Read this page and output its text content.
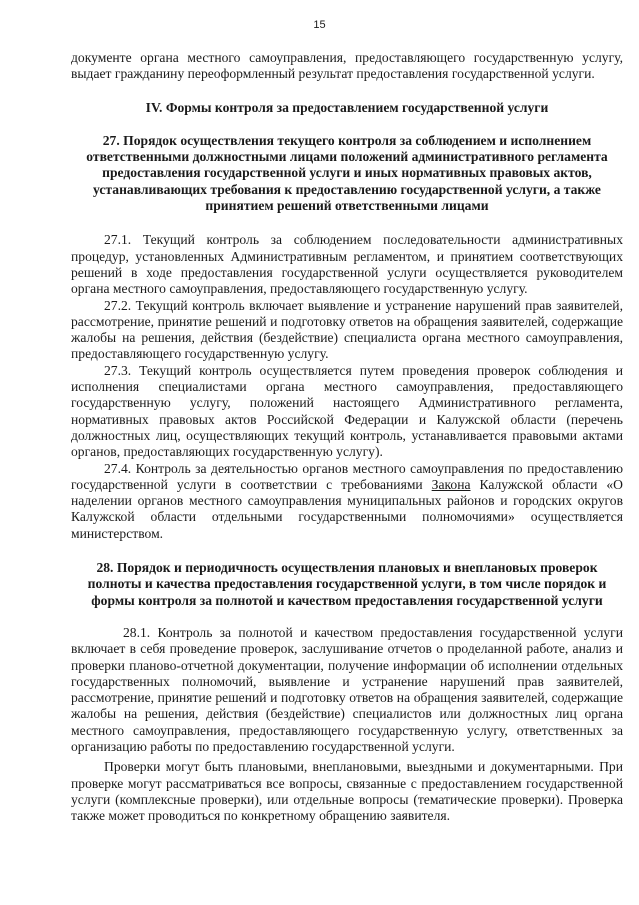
15

документе органа местного самоуправления, предоставляющего государственную услугу, выдает гражданину переоформленный результат предоставления государственной услуги.

IV. Формы контроля за предоставлением государственной услуги

27. Порядок осуществления текущего контроля за соблюдением и исполнением ответственными должностными лицами положений административного регламента предоставления государственной услуги и иных нормативных правовых актов, устанавливающих требования к предоставлению государственной услуги, а также принятием решений ответственными лицами

27.1. Текущий контроль за соблюдением последовательности административных процедур, установленных Административным регламентом, и принятием соответствующих решений в ходе предоставления государственной услуги осуществляется руководителем органа местного самоуправления, предоставляющего государственную услугу.

27.2. Текущий контроль включает выявление и устранение нарушений прав заявителей, рассмотрение, принятие решений и подготовку ответов на обращения заявителей, содержащие жалобы на решения, действия (бездействие) специалиста органа местного самоуправления, предоставляющего государственную услугу.

27.3. Текущий контроль осуществляется путем проведения проверок соблюдения и исполнения специалистами органа местного самоуправления, предоставляющего государственную услугу, положений настоящего Административного регламента, нормативных правовых актов Российской Федерации и Калужской области (перечень должностных лиц, осуществляющих текущий контроль, устанавливается правовыми актами органов, предоставляющих государственную услугу).

27.4. Контроль за деятельностью органов местного самоуправления по предоставлению государственной услуги в соответствии с требованиями Закона Калужской области «О наделении органов местного самоуправления муниципальных районов и городских округов Калужской области отдельными государственными полномочиями» осуществляется министерством.

28. Порядок и периодичность осуществления плановых и внеплановых проверок полноты и качества предоставления государственной услуги, в том числе порядок и формы контроля за полнотой и качеством предоставления государственной услуги

28.1. Контроль за полнотой и качеством предоставления государственной услуги включает в себя проведение проверок, заслушивание отчетов о проделанной работе, анализ и проверки планово-отчетной документации, получение информации об исполнении отдельных государственных полномочий, выявление и устранение нарушений прав заявителей, рассмотрение, принятие решений и подготовку ответов на обращения заявителей, содержащие жалобы на решения, действия (бездействие) специалистов или должностных лиц органа местного самоуправления, предоставляющего государственную услугу, ответственных за организацию работы по предоставлению государственной услуги.

Проверки могут быть плановыми, внеплановыми, выездными и документарными. При проверке могут рассматриваться все вопросы, связанные с предоставлением государственной услуги (комплексные проверки), или отдельные вопросы (тематические проверки). Проверка также может проводиться по конкретному обращению заявителя.
